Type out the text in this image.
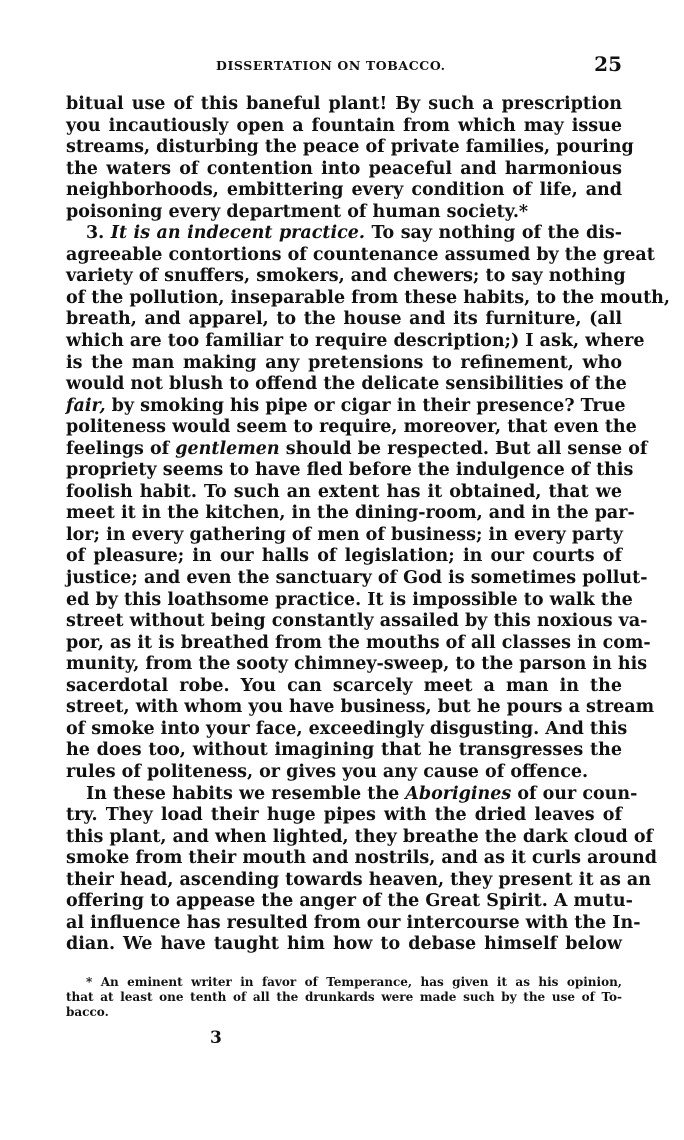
DISSERTATION ON TOBACCO.	25
bitual use of this baneful plant! By such a prescription
you incautiously open a fountain from which may issue
streams, disturbing the peace of private families, pouring
the waters of contention into peaceful and harmonious
neighborhoods, embittering every condition of life, and
poisoning every department of human society.*
3. It is an indecent practice. To say nothing of the dis-
agreeable contortions of countenance assumed by the great
variety of snuffers, smokers, and chewers; to say nothing
of the pollution, inseparable from these habits, to the mouth,
breath, and apparel, to the house and its furniture, (all
which are too familiar to require description;) I ask, where
is the man making any pretensions to refinement, who
would not blush to offend the delicate sensibilities of the
fair, by smoking his pipe or cigar in their presence? True
politeness would seem to require, moreover, that even the
feelings of gentlemen should be respected. But all sense of
propriety seems to have fled before the indulgence of this
foolish habit. To such an extent has it obtained, that we
meet it in the kitchen, in the dining-room, and in the par-
lor; in every gathering of men of business; in every party
of pleasure; in our halls of legislation; in our courts of
justice; and even the sanctuary of God is sometimes pollut-
ed by this loathsome practice. It is impossible to walk the
street without being constantly assailed by this noxious va-
por, as it is breathed from the mouths of all classes in com-
munity, from the sooty chimney-sweep, to the parson in his
sacerdotal robe. You can scarcely meet a man in the
street, with whom you have business, but he pours a stream
of smoke into your face, exceedingly disgusting. And this
he does too, without imagining that he transgresses the
rules of politeness, or gives you any cause of offence.
In these habits we resemble the Aborigines of our coun-
try. They load their huge pipes with the dried leaves of
this plant, and when lighted, they breathe the dark cloud of
smoke from their mouth and nostrils, and as it curls around
their head, ascending towards heaven, they present it as an
offering to appease the anger of the Great Spirit. A mutu-
al influence has resulted from our intercourse with the In-
dian. We have taught him how to debase himself below
* An eminent writer in favor of Temperance, has given it as his opinion,
that at least one tenth of all the drunkards were made such by the use of To-
bacco.
3
